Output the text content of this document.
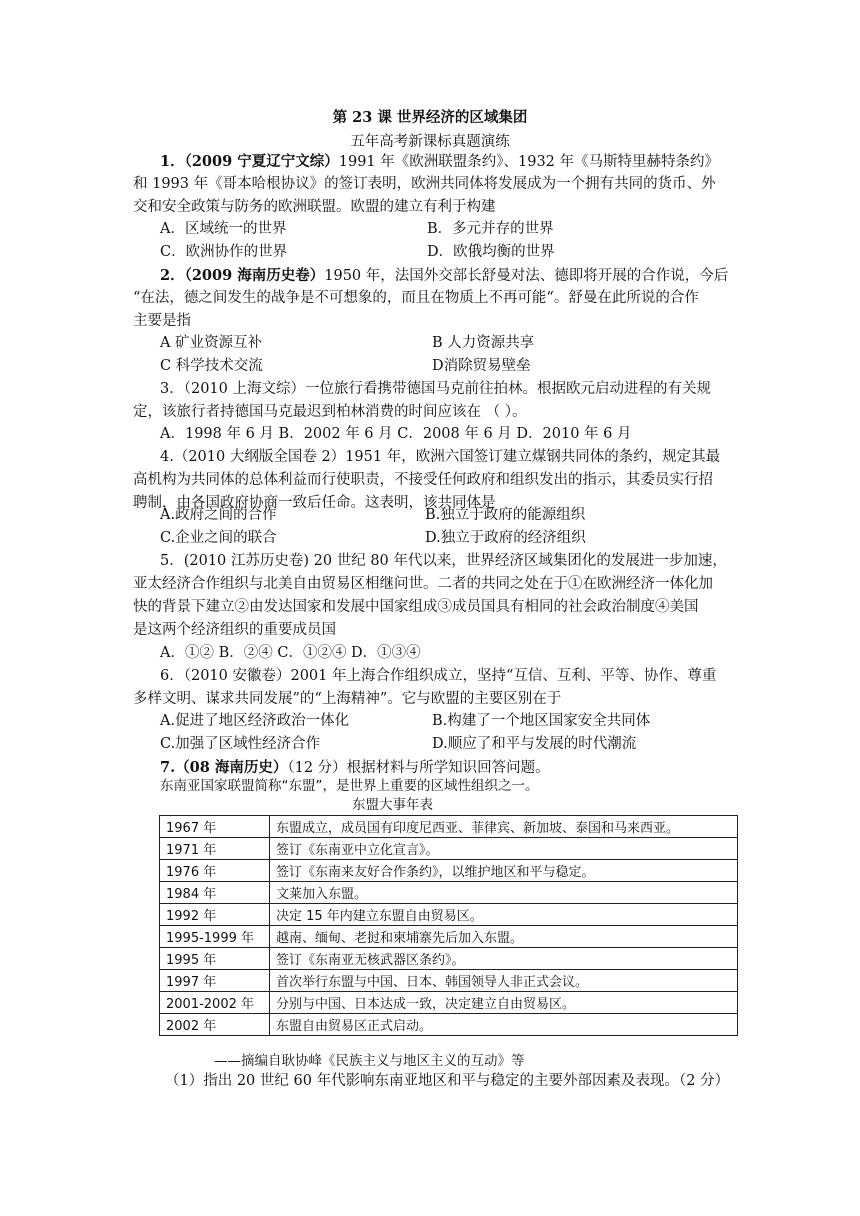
第 23 课 世界经济的区域集团
五年高考新课标真题演练
1．（2009 宁夏辽宁文综）1991 年《欧洲联盟条约》、1932 年《马斯特里赫特条约》
和 1993 年《哥本哈根协议》的签订表明，欧洲共同体将发展成为一个拥有共同的货币、外
交和安全政策与防务的欧洲联盟。欧盟的建立有利于构建
A．区域统一的世界	B．多元并存的世界
C．欧洲协作的世界	D．欧俄均衡的世界
2．（2009 海南历史卷）1950 年，法国外交部长舒曼对法、德即将开展的合作说，今后
“在法，德之间发生的战争是不可想象的，而且在物质上不再可能“。舒曼在此所说的合作
主要是指
A 矿业资源互补	B 人力资源共享
C 科学技术交流	D消除贸易壁垒
3．（2010 上海文综）一位旅行看携带德国马克前往拍林。根据欧元启动进程的有关规
定，该旅行者持德国马克最迟到柏林消费的时间应该在 （ ）。
A．1998 年 6 月 B．2002 年 6 月 C．2008 年 6 月 D．2010 年 6 月
4.（2010 大纲版全国卷 2）1951 年，欧洲六国签订建立煤钢共同体的条约，规定其最
高机构为共同体的总体利益而行使职责，不接受任何政府和组织发出的指示，其委员实行招
聘制，由各国政府协商一致后任命。这表明，该共同体是
A.政府之间的合作	B.独立于政府的能源组织
C.企业之间的联合	D.独立于政府的经济组织
5．(2010 江苏历史卷) 20 世纪 80 年代以来，世界经济区域集团化的发展进一步加速，
亚太经济合作组织与北美自由贸易区相继问世。二者的共同之处在于①在欧洲经济一体化加
快的背景下建立②由发达国家和发展中国家组成③成员国具有相同的社会政治制度④美国
是这两个经济组织的重要成员国
A．①② B．②④ C．①②④ D．①③④
6．（2010 安徽卷）2001 年上海合作组织成立，坚持“互信、互利、平等、协作、尊重
多样文明、谋求共同发展”的“上海精神”。它与欧盟的主要区别在于
A.促进了地区经济政治一体化	B.构建了一个地区国家安全共同体
C.加强了区域性经济合作	D.顺应了和平与发展的时代潮流
7.（08 海南历史）（12 分）根据材料与所学知识回答问题。
东南亚国家联盟简称“东盟”，是世界上重要的区域性组织之一。
东盟大事年表
1967 年	东盟成立，成员国有印度尼西亚、菲律宾、新加坡、泰国和马来西亚。
1971 年	签订《东南亚中立化宣言》。
1976 年	签订《东南来友好合作条约》，以维护地区和平与稳定。
1984 年	文莱加入东盟。
1992 年	决定 15 年内建立东盟自由贸易区。
1995-1999 年	越南、缅甸、老挝和柬埔寨先后加入东盟。
1995 年	签订《东南亚无核武器区条约》。
1997 年	首次举行东盟与中国、日本、韩国领导人非正式会议。
2001-2002 年	分别与中国、日本达成一致，决定建立自由贸易区。
2002 年	东盟自由贸易区正式启动。
——摘编自耿协峰《民族主义与地区主义的互动》等
（1）指出 20 世纪 60 年代影响东南亚地区和平与稳定的主要外部因素及表现。（2 分）
